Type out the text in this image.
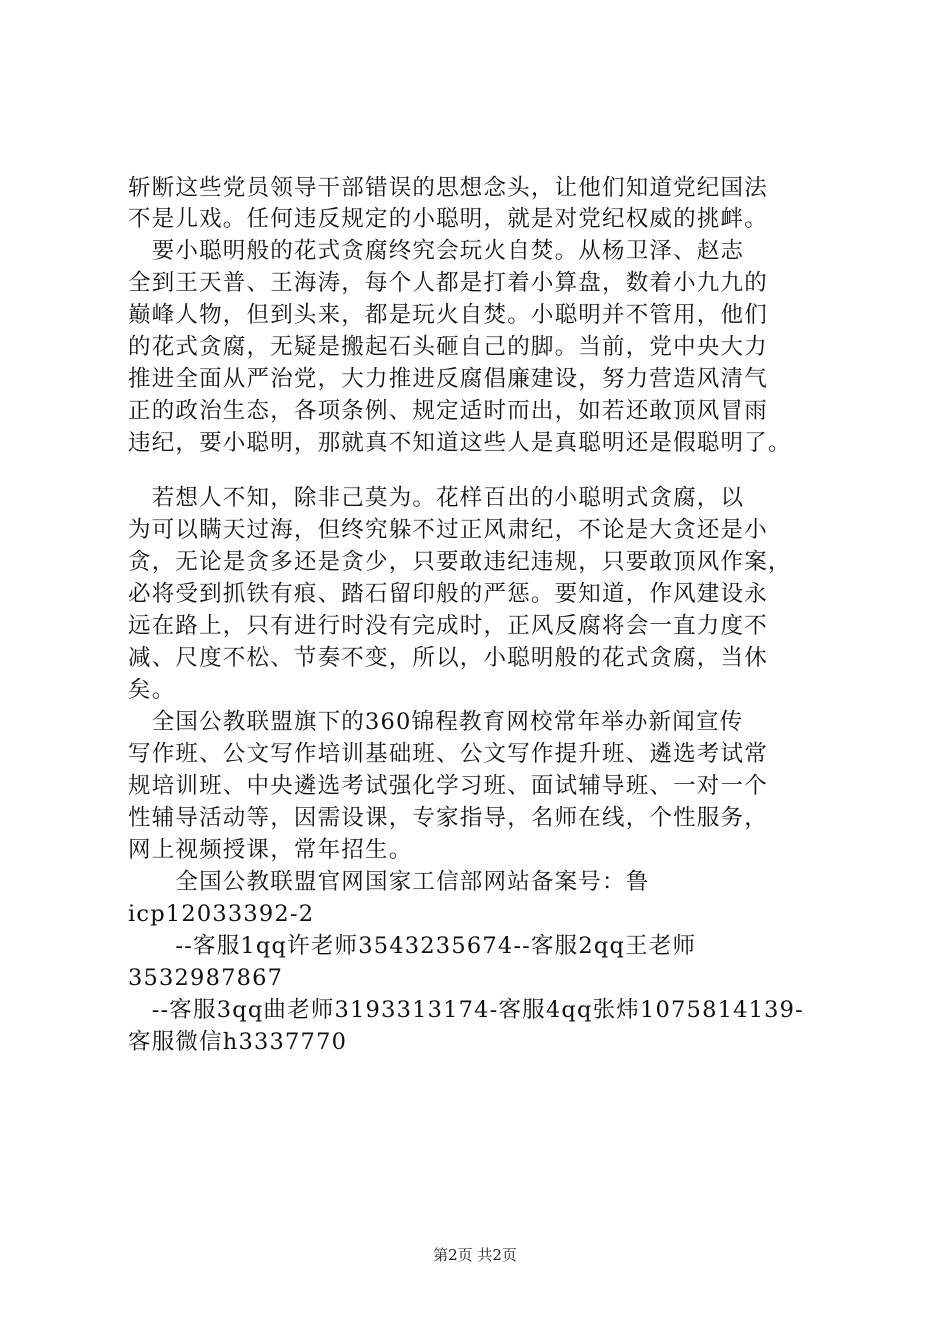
斩断这些党员领导干部错误的思想念头，让他们知道党纪国法
不是儿戏。任何违反规定的小聪明，就是对党纪权威的挑衅。
　要小聪明般的花式贪腐终究会玩火自焚。从杨卫泽、赵志
全到王天普、王海涛，每个人都是打着小算盘，数着小九九的
巅峰人物，但到头来，都是玩火自焚。小聪明并不管用，他们
的花式贪腐，无疑是搬起石头砸自己的脚。当前，党中央大力
推进全面从严治党，大力推进反腐倡廉建设，努力营造风清气
正的政治生态，各项条例、规定适时而出，如若还敢顶风冒雨
违纪，要小聪明，那就真不知道这些人是真聪明还是假聪明了。
　若想人不知，除非己莫为。花样百出的小聪明式贪腐，以
为可以瞒天过海，但终究躲不过正风肃纪，不论是大贪还是小
贪，无论是贪多还是贪少，只要敢违纪违规，只要敢顶风作案，
必将受到抓铁有痕、踏石留印般的严惩。要知道，作风建设永
远在路上，只有进行时没有完成时，正风反腐将会一直力度不
减、尺度不松、节奏不变，所以，小聪明般的花式贪腐，当休
矣。
　全国公教联盟旗下的360锦程教育网校常年举办新闻宣传
写作班、公文写作培训基础班、公文写作提升班、遴选考试常
规培训班、中央遴选考试强化学习班、面试辅导班、一对一个
性辅导活动等，因需设课，专家指导，名师在线，个性服务，
网上视频授课，常年招生。
　　全国公教联盟官网国家工信部网站备案号：鲁
icp12033392-2
　　--客服1qq许老师3543235674--客服2qq王老师
3532987867
　--客服3qq曲老师3193313174-客服4qq张炜1075814139-
客服微信h3337770
第2页 共2页
